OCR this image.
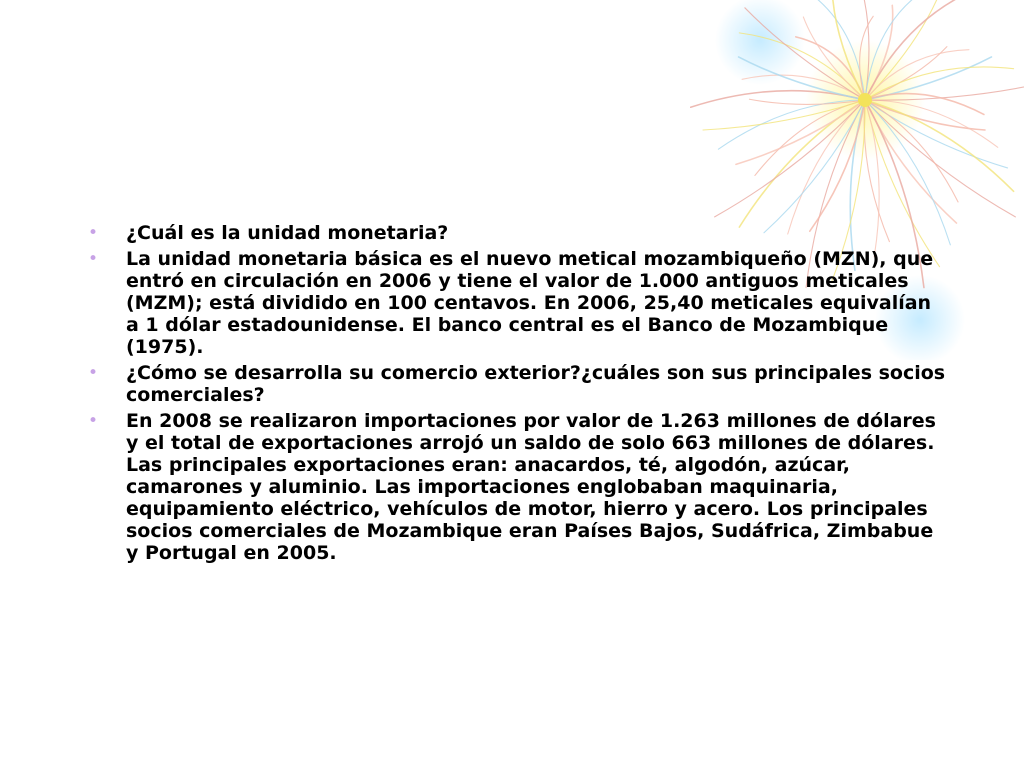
• ¿Cuál es la unidad monetaria?
• La unidad monetaria básica es el nuevo metical mozambiqueño (MZN), que entró en circulación en 2006 y tiene el valor de 1.000 antiguos meticales (MZM); está dividido en 100 centavos. En 2006, 25,40 meticales equivalían a 1 dólar estadounidense. El banco central es el Banco de Mozambique (1975).
• ¿Cómo se desarrolla su comercio exterior?¿cuáles son sus principales socios comerciales?
• En 2008 se realizaron importaciones por valor de 1.263 millones de dólares y el total de exportaciones arrojó un saldo de solo 663 millones de dólares. Las principales exportaciones eran: anacardos, té, algodón, azúcar, camarones y aluminio. Las importaciones englobaban maquinaria, equipamiento eléctrico, vehículos de motor, hierro y acero. Los principales socios comerciales de Mozambique eran Países Bajos, Sudáfrica, Zimbabue y Portugal en 2005.
